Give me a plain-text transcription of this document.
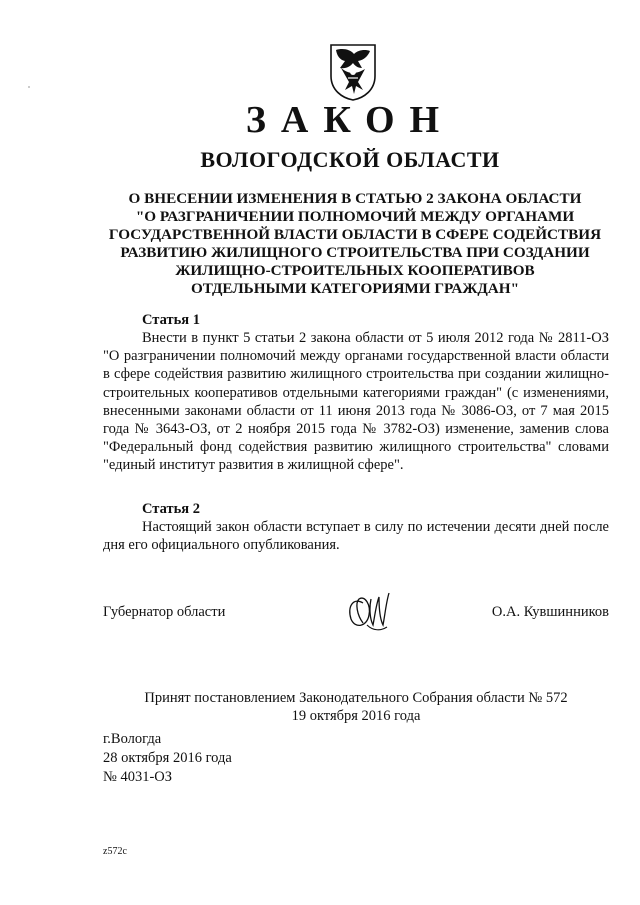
ЗАКОН
ВОЛОГОДСКОЙ ОБЛАСТИ
О ВНЕСЕНИИ ИЗМЕНЕНИЯ В СТАТЬЮ 2 ЗАКОНА ОБЛАСТИ
"О РАЗГРАНИЧЕНИИ ПОЛНОМОЧИЙ МЕЖДУ ОРГАНАМИ
ГОСУДАРСТВЕННОЙ ВЛАСТИ ОБЛАСТИ В СФЕРЕ СОДЕЙСТВИЯ
РАЗВИТИЮ ЖИЛИЩНОГО СТРОИТЕЛЬСТВА ПРИ СОЗДАНИИ
ЖИЛИЩНО-СТРОИТЕЛЬНЫХ КООПЕРАТИВОВ
ОТДЕЛЬНЫМИ КАТЕГОРИЯМИ ГРАЖДАН"
Статья 1
Внести в пункт 5 статьи 2 закона области от 5 июля 2012 года № 2811-ОЗ "О разграничении полномочий между органами государственной власти области в сфере содействия развитию жилищного строительства при создании жилищно-строительных кооперативов отдельными категориями граждан" (с изменениями, внесенными законами области от 11 июня 2013 года № 3086-ОЗ, от 7 мая 2015 года № 3643-ОЗ, от 2 ноября 2015 года № 3782-ОЗ) изменение, заменив слова "Федеральный фонд содействия развитию жилищного строительства" словами "единый институт развития в жилищной сфере".
Статья 2
Настоящий закон области вступает в силу по истечении десяти дней после дня его официального опубликования.
Губернатор области	О.А. Кувшинников
Принят постановлением Законодательного Собрания области № 572
19 октября 2016 года
г.Вологда
28 октября 2016 года
№ 4031-ОЗ
z572c
